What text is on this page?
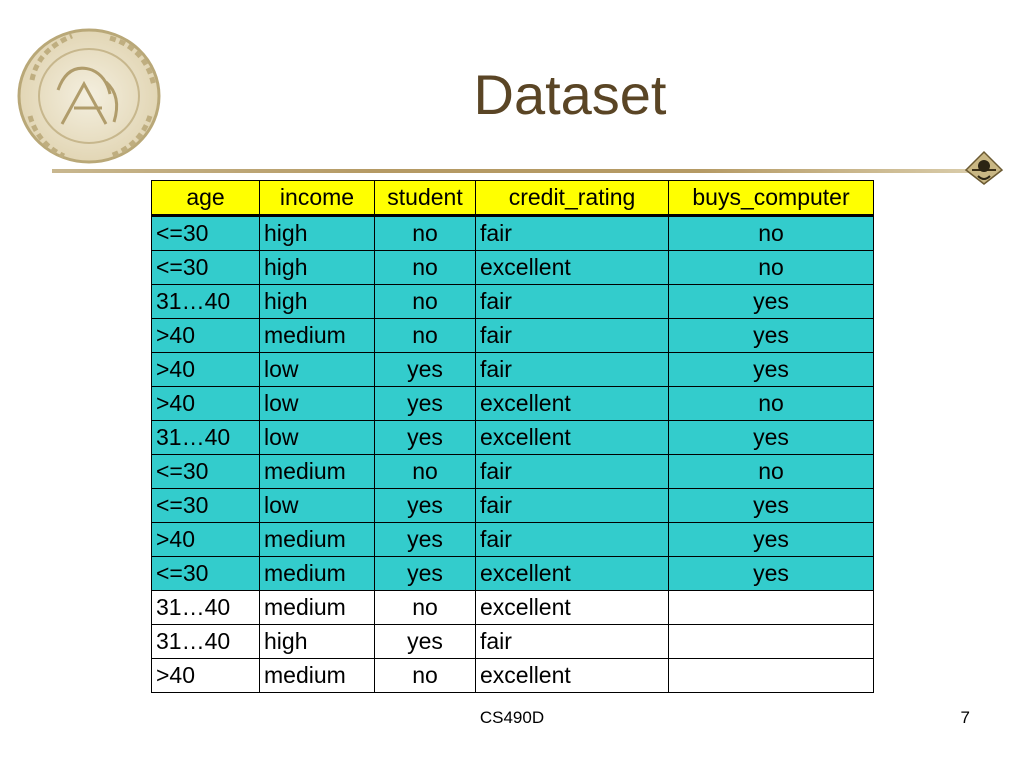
Dataset
age	income	student	credit_rating	buys_computer
<=30	high	no	fair	no
<=30	high	no	excellent	no
31…40	high	no	fair	yes
>40	medium	no	fair	yes
>40	low	yes	fair	yes
>40	low	yes	excellent	no
31…40	low	yes	excellent	yes
<=30	medium	no	fair	no
<=30	low	yes	fair	yes
>40	medium	yes	fair	yes
<=30	medium	yes	excellent	yes
31…40	medium	no	excellent	
31…40	high	yes	fair	
>40	medium	no	excellent	
CS490D	7
